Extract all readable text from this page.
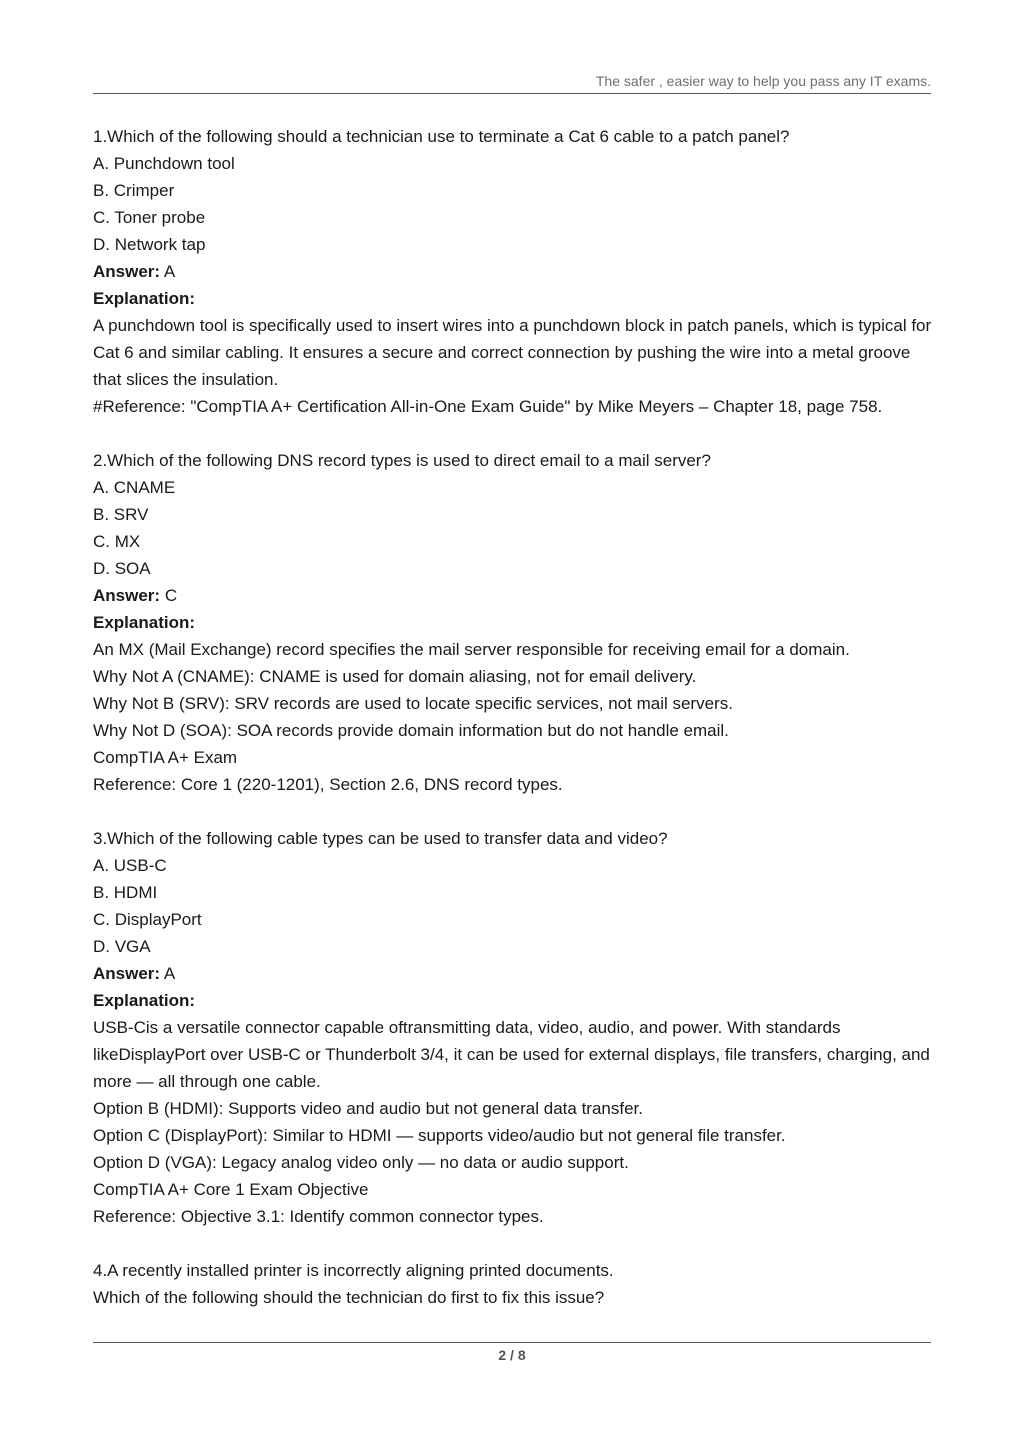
The safer , easier way to help you pass any IT exams.

1.Which of the following should a technician use to terminate a Cat 6 cable to a patch panel?

A. Punchdown tool

B. Crimper

C. Toner probe

D. Network tap

Answer: A

Explanation:

A punchdown tool is specifically used to insert wires into a punchdown block in patch panels, which is typical for Cat 6 and similar cabling. It ensures a secure and correct connection by pushing the wire into a metal groove that slices the insulation.

#Reference: "CompTIA A+ Certification All-in-One Exam Guide" by Mike Meyers – Chapter 18, page 758.

2.Which of the following DNS record types is used to direct email to a mail server?

A. CNAME

B. SRV

C. MX

D. SOA

Answer: C

Explanation:

An MX (Mail Exchange) record specifies the mail server responsible for receiving email for a domain.

Why Not A (CNAME): CNAME is used for domain aliasing, not for email delivery.

Why Not B (SRV): SRV records are used to locate specific services, not mail servers.

Why Not D (SOA): SOA records provide domain information but do not handle email.

CompTIA A+ Exam

Reference: Core 1 (220-1201), Section 2.6, DNS record types.

3.Which of the following cable types can be used to transfer data and video?

A. USB-C

B. HDMI

C. DisplayPort

D. VGA

Answer: A

Explanation:

USB-Cis a versatile connector capable oftransmitting data, video, audio, and power. With standards likeDisplayPort over USB-C or Thunderbolt 3/4, it can be used for external displays, file transfers, charging, and more — all through one cable.

Option B (HDMI): Supports video and audio but not general data transfer.

Option C (DisplayPort): Similar to HDMI — supports video/audio but not general file transfer.

Option D (VGA): Legacy analog video only — no data or audio support.

CompTIA A+ Core 1 Exam Objective

Reference: Objective 3.1: Identify common connector types.

4.A recently installed printer is incorrectly aligning printed documents.

Which of the following should the technician do first to fix this issue?

2 / 8
